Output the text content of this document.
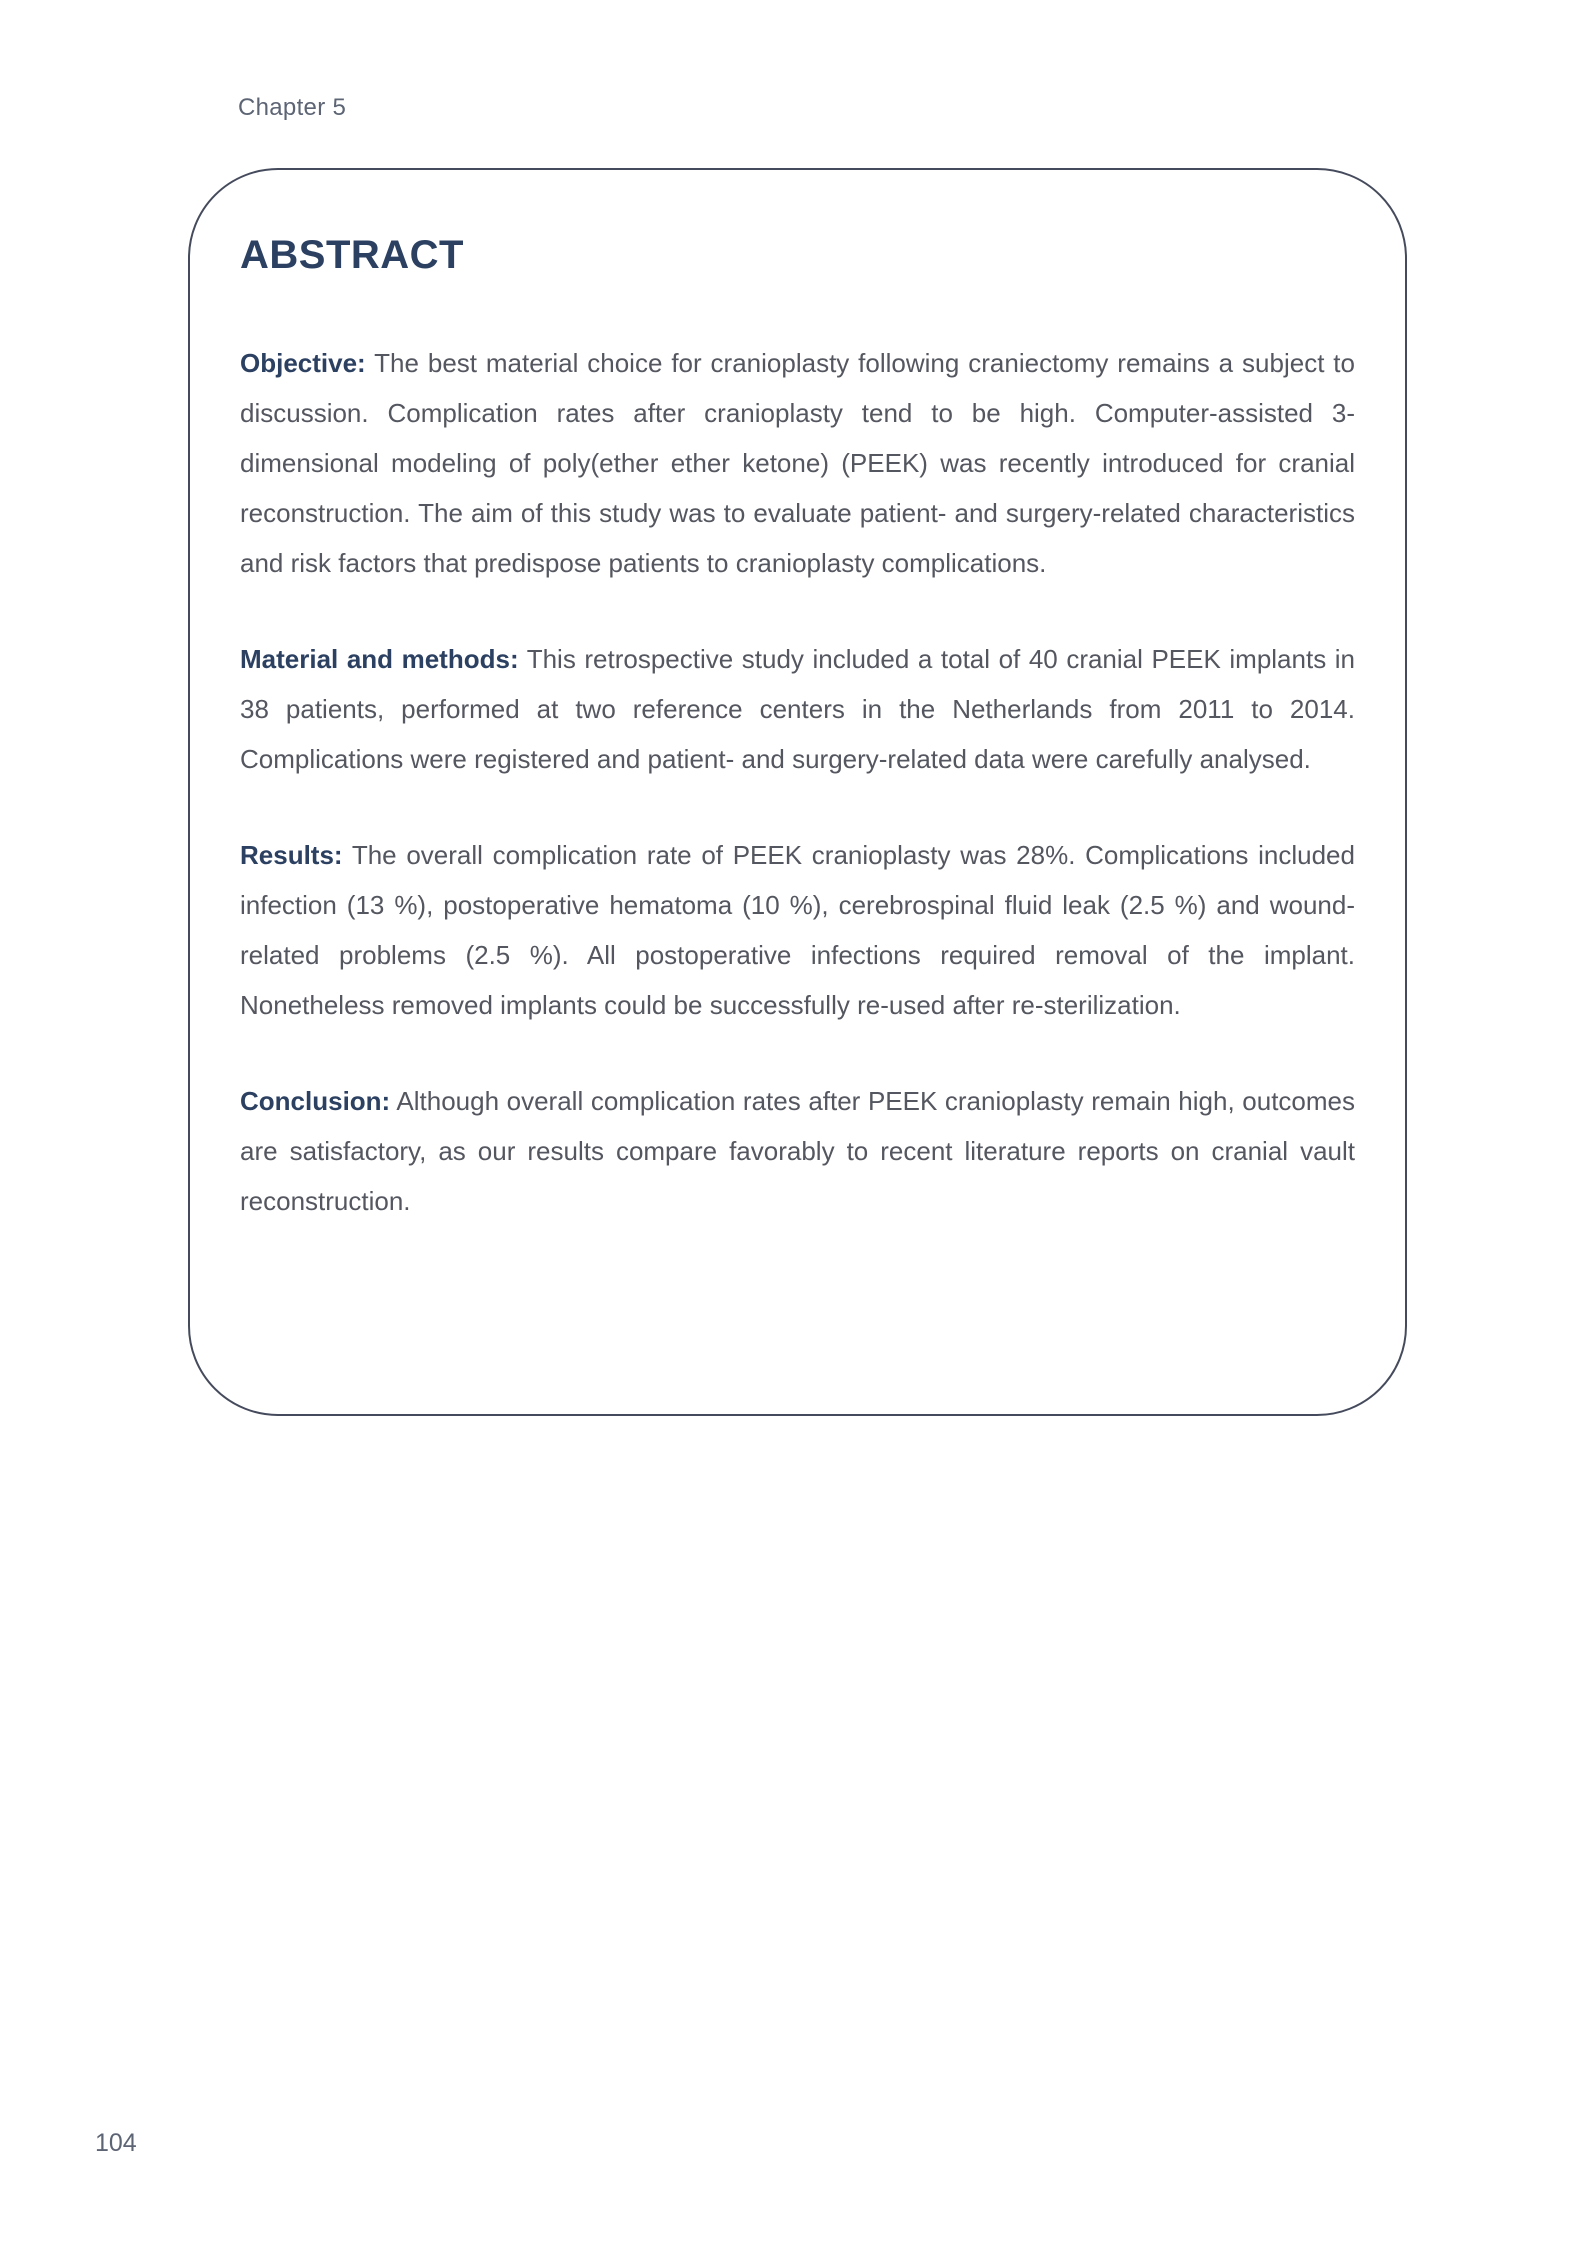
Chapter 5
ABSTRACT

Objective: The best material choice for cranioplasty following craniectomy remains a subject to discussion. Complication rates after cranioplasty tend to be high. Computer-assisted 3-dimensional modeling of poly(ether ether ketone) (PEEK) was recently introduced for cranial reconstruction. The aim of this study was to evaluate patient- and surgery-related characteristics and risk factors that predispose patients to cranioplasty complications.

Material and methods: This retrospective study included a total of 40 cranial PEEK implants in 38 patients, performed at two reference centers in the Netherlands from 2011 to 2014. Complications were registered and patient- and surgery-related data were carefully analysed.

Results: The overall complication rate of PEEK cranioplasty was 28%. Complications included infection (13 %), postoperative hematoma (10 %), cerebrospinal fluid leak (2.5 %) and wound-related problems (2.5 %). All postoperative infections required removal of the implant. Nonetheless removed implants could be successfully re-used after re-sterilization.

Conclusion: Although overall complication rates after PEEK cranioplasty remain high, outcomes are satisfactory, as our results compare favorably to recent literature reports on cranial vault reconstruction.

104
